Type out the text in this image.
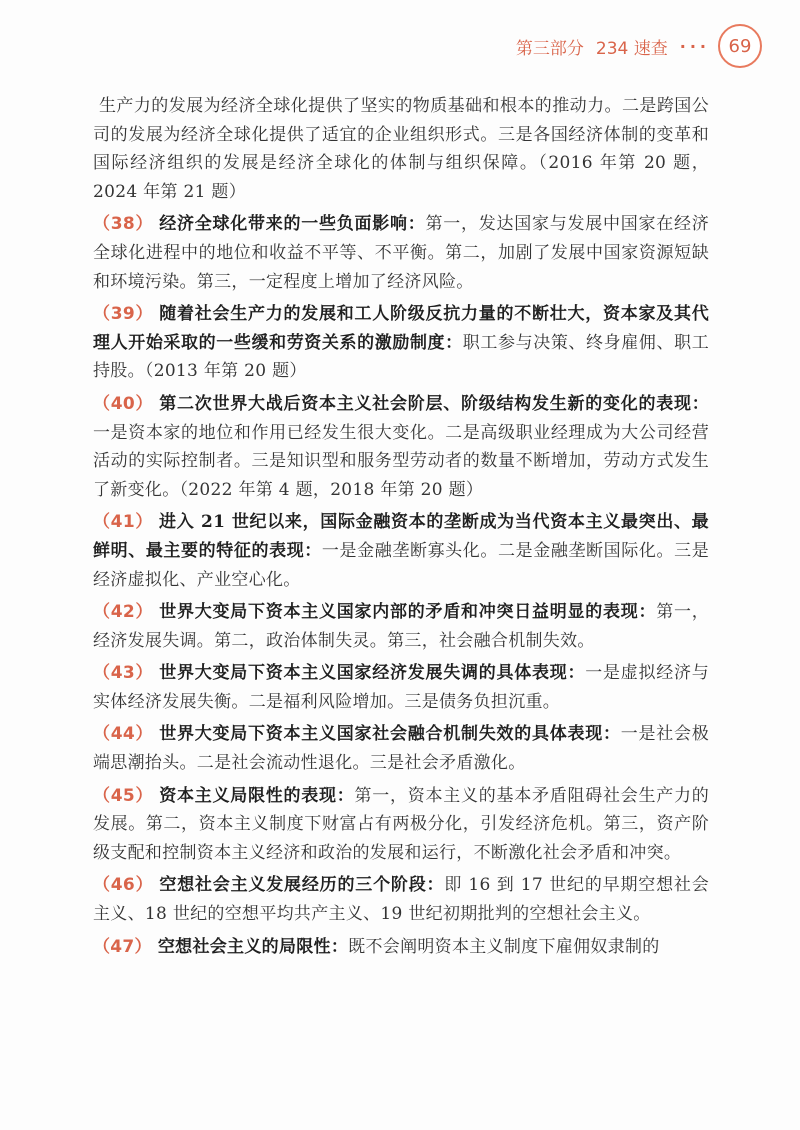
第三部分 234 速查 ··· 69

生产力的发展为经济全球化提供了坚实的物质基础和根本的推动力。二是跨国公司的发展为经济全球化提供了适宜的企业组织形式。三是各国经济体制的变革和国际经济组织的发展是经济全球化的体制与组织保障。（2016 年第 20 题，2024 年第 21 题）

（38） 经济全球化带来的一些负面影响：第一，发达国家与发展中国家在经济全球化进程中的地位和收益不平等、不平衡。第二，加剧了发展中国家资源短缺和环境污染。第三，一定程度上增加了经济风险。

（39） 随着社会生产力的发展和工人阶级反抗力量的不断壮大，资本家及其代理人开始采取的一些缓和劳资关系的激励制度：职工参与决策、终身雇佣、职工持股。（2013 年第 20 题）

（40） 第二次世界大战后资本主义社会阶层、阶级结构发生新的变化的表现：一是资本家的地位和作用已经发生很大变化。二是高级职业经理成为大公司经营活动的实际控制者。三是知识型和服务型劳动者的数量不断增加，劳动方式发生了新变化。（2022 年第 4 题，2018 年第 20 题）

（41） 进入 21 世纪以来，国际金融资本的垄断成为当代资本主义最突出、最鲜明、最主要的特征的表现：一是金融垄断寡头化。二是金融垄断国际化。三是经济虚拟化、产业空心化。

（42） 世界大变局下资本主义国家内部的矛盾和冲突日益明显的表现：第一，经济发展失调。第二，政治体制失灵。第三，社会融合机制失效。

（43） 世界大变局下资本主义国家经济发展失调的具体表现：一是虚拟经济与实体经济发展失衡。二是福利风险增加。三是债务负担沉重。

（44） 世界大变局下资本主义国家社会融合机制失效的具体表现：一是社会极端思潮抬头。二是社会流动性退化。三是社会矛盾激化。

（45） 资本主义局限性的表现：第一，资本主义的基本矛盾阻碍社会生产力的发展。第二，资本主义制度下财富占有两极分化，引发经济危机。第三，资产阶级支配和控制资本主义经济和政治的发展和运行，不断激化社会矛盾和冲突。

（46） 空想社会主义发展经历的三个阶段：即 16 到 17 世纪的早期空想社会主义、18 世纪的空想平均共产主义、19 世纪初期批判的空想社会主义。

（47） 空想社会主义的局限性：既不会阐明资本主义制度下雇佣奴隶制的
